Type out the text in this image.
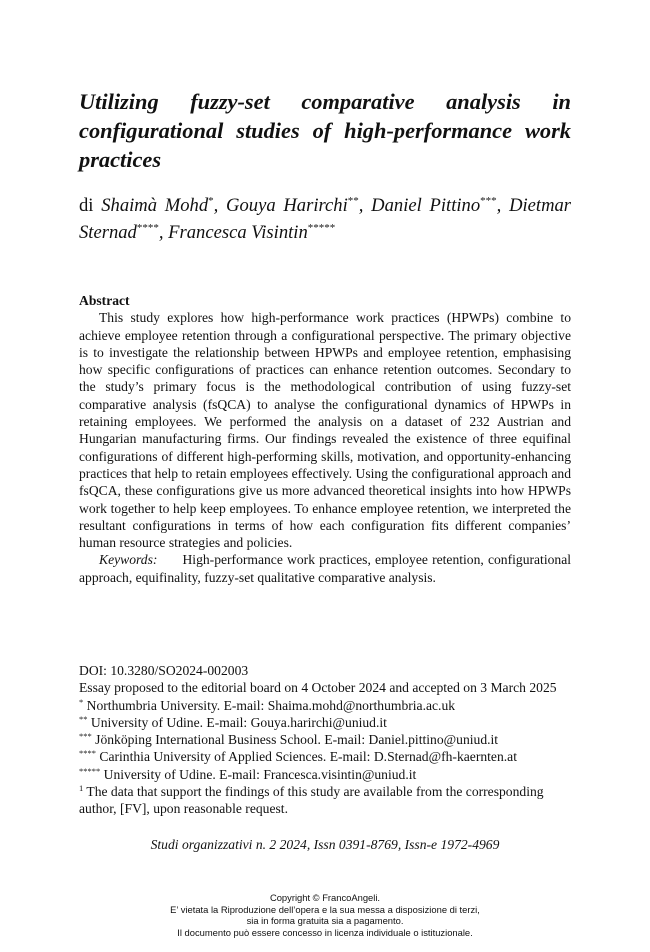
Utilizing fuzzy-set comparative analysis in configurational studies of high-performance work practices

di Shaimà Mohd*, Gouya Harirchi**, Daniel Pittino***, Dietmar Sternad****, Francesca Visintin*****

Abstract

This study explores how high-performance work practices (HPWPs) combine to achieve employee retention through a configurational perspective. The primary objective is to investigate the relationship between HPWPs and employee retention, emphasising how specific configurations of practices can enhance retention outcomes. Secondary to the study’s primary focus is the methodological contribution of using fuzzy-set comparative analysis (fsQCA) to analyse the configurational dynamics of HPWPs in retaining employees. We performed the analysis on a dataset of 232 Austrian and Hungarian manufacturing firms. Our findings revealed the existence of three equifinal configurations of different high-performing skills, motivation, and opportunity-enhancing practices that help to retain employees effectively. Using the configurational approach and fsQCA, these configurations give us more advanced theoretical insights into how HPWPs work together to help keep employees. To enhance employee retention, we interpreted the resultant configurations in terms of how each configuration fits different companies’ human resource strategies and policies.

Keywords: High-performance work practices, employee retention, configurational approach, equifinality, fuzzy-set qualitative comparative analysis.

DOI: 10.3280/SO2024-002003
Essay proposed to the editorial board on 4 October 2024 and accepted on 3 March 2025
* Northumbria University. E-mail: Shaima.mohd@northumbria.ac.uk
** University of Udine. E-mail: Gouya.harirchi@uniud.it
*** Jönköping International Business School. E-mail: Daniel.pittino@uniud.it
**** Carinthia University of Applied Sciences. E-mail: D.Sternad@fh-kaernten.at
***** University of Udine. E-mail: Francesca.visintin@uniud.it
$^1$ The data that support the findings of this study are available from the corresponding author, [FV], upon reasonable request.
Studi organizzativi n. 2 2024, Issn 0391-8769, Issn-e 1972-4969
Copyright © FrancoAngeli.
E’ vietata la Riproduzione dell’opera e la sua messa a disposizione di terzi,
sia in forma gratuita sia a pagamento.
Il documento può essere concesso in licenza individuale o istituzionale.
